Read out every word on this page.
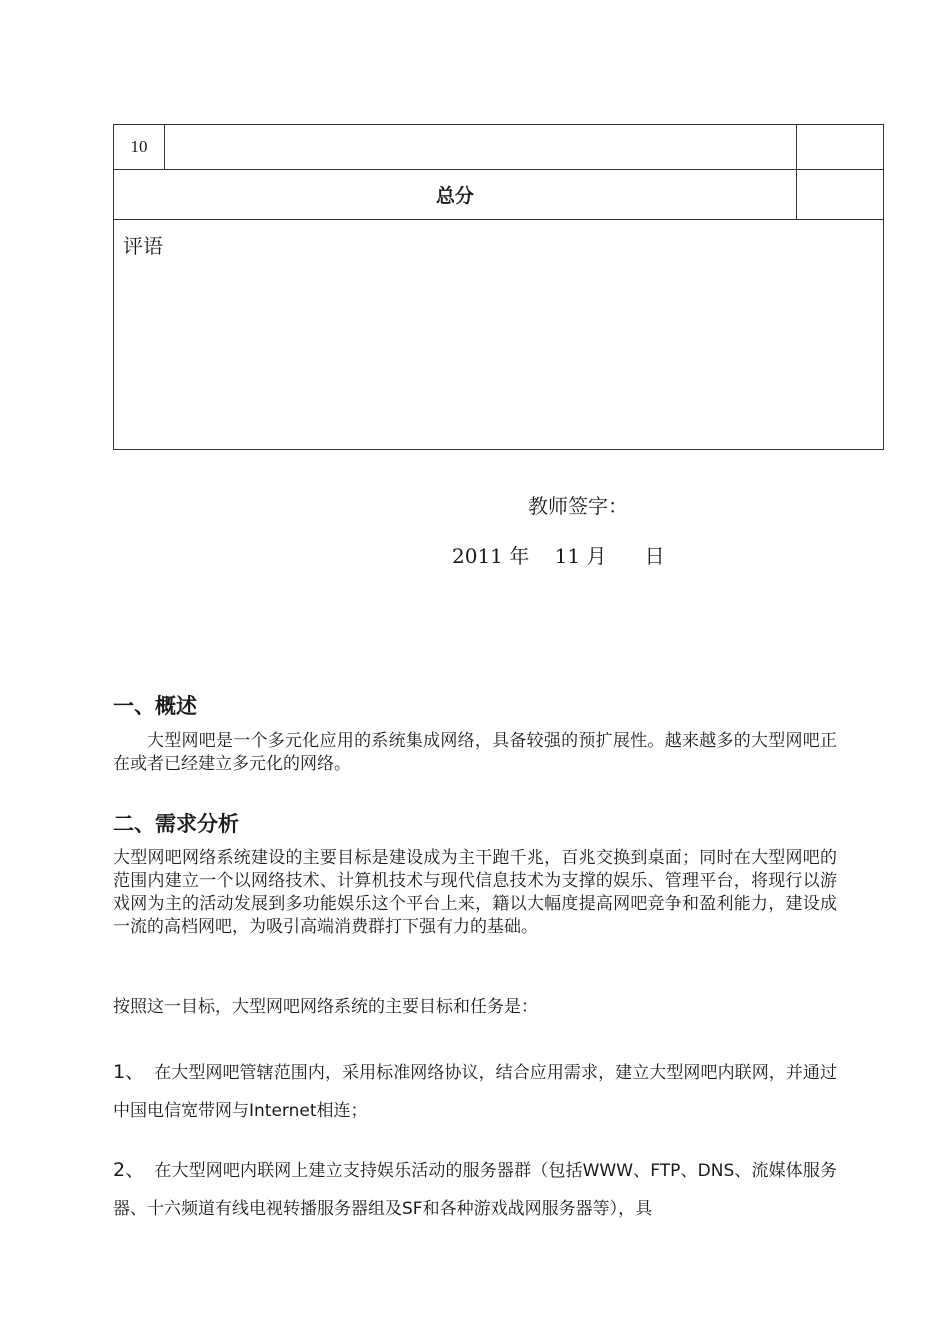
10		
总分		

评语		
教师签字：
2011 年    11 月      日
一、概述
大型网吧是一个多元化应用的系统集成网络，具备较强的预扩展性。越来越多的大型网吧正在或者已经建立多元化的网络。
二、需求分析
大型网吧网络系统建设的主要目标是建设成为主干跑千兆，百兆交换到桌面；同时在大型网吧的范围内建立一个以网络技术、计算机技术与现代信息技术为支撑的娱乐、管理平台，将现行以游戏网为主的活动发展到多功能娱乐这个平台上来，籍以大幅度提高网吧竞争和盈利能力，建设成一流的高档网吧，为吸引高端消费群打下强有力的基础。
按照这一目标，大型网吧网络系统的主要目标和任务是：
1、 在大型网吧管辖范围内，采用标准网络协议，结合应用需求，建立大型网吧内联网，并通过中国电信宽带网与Internet相连；
2、 在大型网吧内联网上建立支持娱乐活动的服务器群（包括WWW、FTP、DNS、流媒体服务器、十六频道有线电视转播服务器组及SF和各种游戏战网服务器等），具
